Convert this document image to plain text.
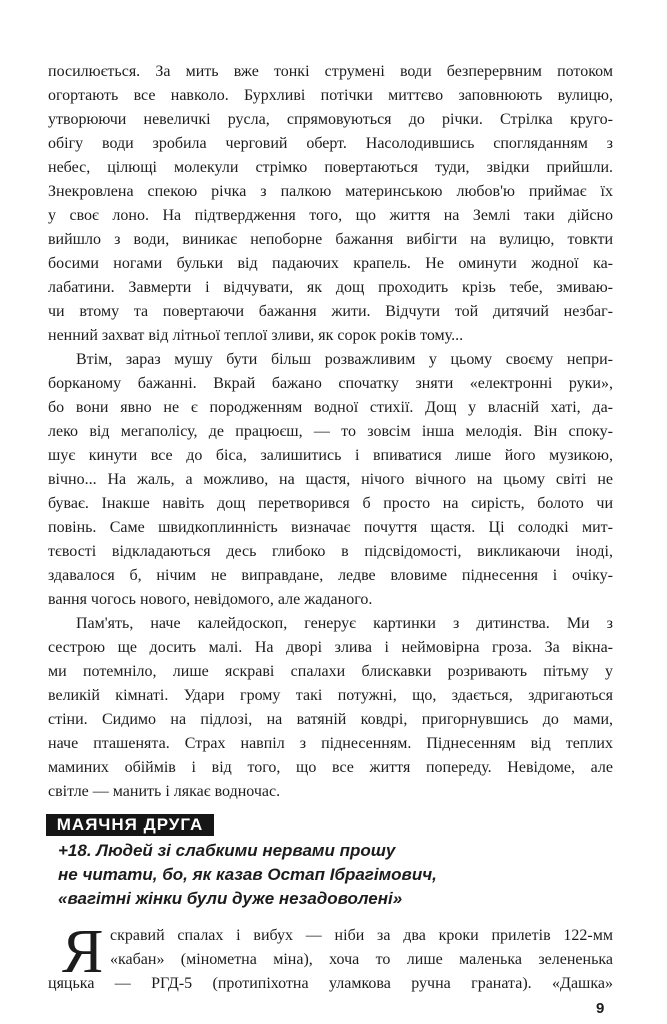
посилюється. За мить вже тонкі струмені води безперервним потоком
огортають все навколо. Бурхливі потічки миттєво заповнюють вулицю,
утворюючи невеличкі русла, спрямовуються до річки. Стрілка круго-
обігу води зробила черговий оберт. Насолодившись спогляданням з
небес, цілющі молекули стрімко повертаються туди, звідки прийшли.
Знекровлена спекою річка з палкою материнською любов'ю приймає їх
у своє лоно. На підтвердження того, що життя на Землі таки дійсно
вийшло з води, виникає непоборне бажання вибігти на вулицю, товкти
босими ногами бульки від падаючих крапель. Не оминути жодної ка-
лабатини. Завмерти і відчувати, як дощ проходить крізь тебе, змиваю-
чи втому та повертаючи бажання жити. Відчути той дитячий незбаг-
ненний захват від літньої теплої зливи, як сорок років тому...
Втім, зараз мушу бути більш розважливим у цьому своєму непри-
борканому бажанні. Вкрай бажано спочатку зняти «електронні руки»,
бо вони явно не є породженням водної стихії. Дощ у власній хаті, да-
леко від мегаполісу, де працюєш, — то зовсім інша мелодія. Він споку-
шує кинути все до біса, залишитись і впиватися лише його музикою,
вічно... На жаль, а можливо, на щастя, нічого вічного на цьому світі не
буває. Інакше навіть дощ перетворився б просто на сирість, болото чи
повінь. Саме швидкоплинність визначає почуття щастя. Ці солодкі мит-
тєвості відкладаються десь глибоко в підсвідомості, викликаючи іноді,
здавалося б, нічим не виправдане, ледве вловиме піднесення і очіку-
вання чогось нового, невідомого, але жаданого.
Пам'ять, наче калейдоскоп, генерує картинки з дитинства. Ми з
сестрою ще досить малі. На дворі злива і неймовірна гроза. За вікна-
ми потемніло, лише яскраві спалахи блискавки розривають пітьму у
великій кімнаті. Удари грому такі потужні, що, здається, здригаються
стіни. Сидимо на підлозі, на ватяній ковдрі, пригорнувшись до мами,
наче пташенята. Страх навпіл з піднесенням. Піднесенням від теплих
маминих обіймів і від того, що все життя попереду. Невідоме, але
світле — манить і лякає водночас.
МАЯЧНЯ ДРУГА
+18. Людей зі слабкими нервами прошу
не читати, бо, як казав Остап Ібрагімович,
«вагітні жінки були дуже незадоволені»
Я скравий спалах і вибух — ніби за два кроки прилетів 122-мм
«кабан» (мінометна міна), хоча то лише маленька зелененька
цяцька — РГД-5 (протипіхотна уламкова ручна граната). «Дашка»
9
